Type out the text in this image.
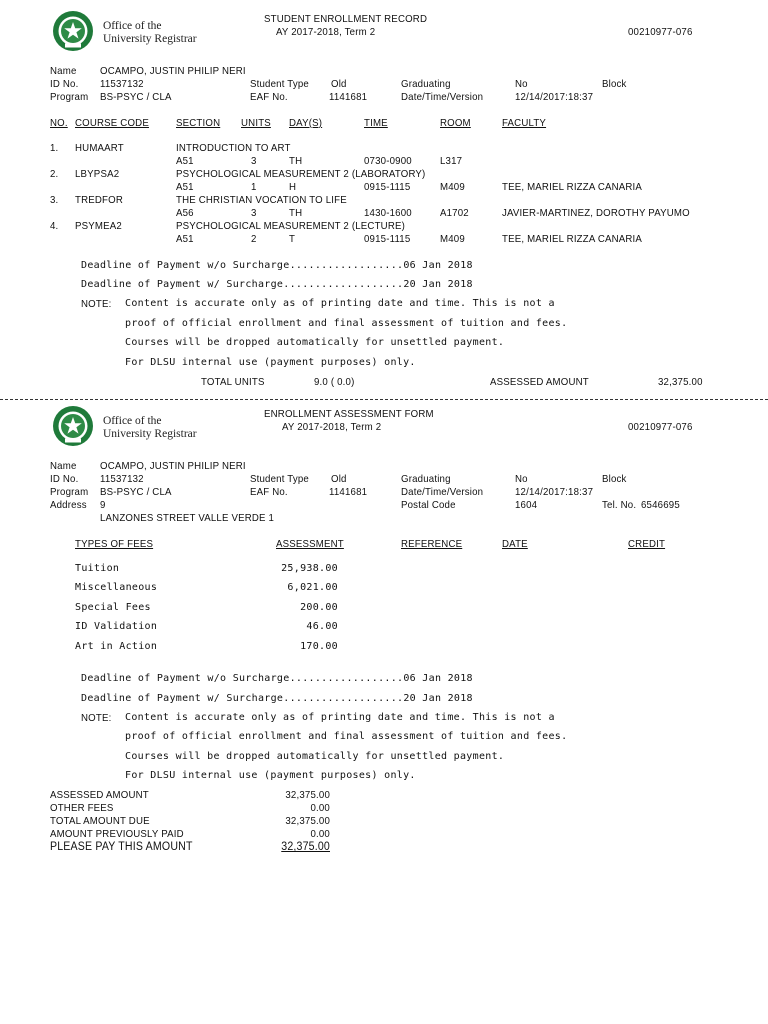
Office of the
University Registrar
STUDENT ENROLLMENT RECORD
AY 2017-2018, Term 2	00210977-076
Name OCAMPO, JUSTIN PHILIP NERI
ID No. 11537132	Student Type Old	Graduating	No	Block
Program BS-PSYC / CLA	EAF No.	1141681	Date/Time/Version	12/14/2017:18:37
NO. COURSE CODE	SECTION UNITS DAY(S)	TIME	ROOM	FACULTY
1. HUMAART	INTRODUCTION TO ART
A51	3	TH	0730-0900	L317
2. LBYPSA2	PSYCHOLOGICAL MEASUREMENT 2 (LABORATORY)
A51	1	H	0915-1115	M409	TEE, MARIEL RIZZA CANARIA
3. TREDFOR	THE CHRISTIAN VOCATION TO LIFE
A56	3	TH	1430-1600	A1702	JAVIER-MARTINEZ, DOROTHY PAYUMO
4. PSYMEA2	PSYCHOLOGICAL MEASUREMENT 2 (LECTURE)
A51	2	T	0915-1115	M409	TEE, MARIEL RIZZA CANARIA
Deadline of Payment w/o Surcharge..................06 Jan 2018
Deadline of Payment w/ Surcharge...................20 Jan 2018
NOTE: Content is accurate only as of printing date and time. This is not a
proof of official enrollment and final assessment of tuition and fees.
Courses will be dropped automatically for unsettled payment.
For DLSU internal use (payment purposes) only.
TOTAL UNITS	9.0 ( 0.0)	ASSESSED AMOUNT	32,375.00
Office of the
University Registrar
ENROLLMENT ASSESSMENT FORM
AY 2017-2018, Term 2	00210977-076
Name OCAMPO, JUSTIN PHILIP NERI
ID No. 11537132	Student Type Old	Graduating	No	Block
Program BS-PSYC / CLA	EAF No.	1141681	Date/Time/Version	12/14/2017:18:37
Address 9	Postal Code	1604	Tel. No. 6546695
LANZONES STREET VALLE VERDE 1
TYPES OF FEES	ASSESSMENT	REFERENCE	DATE	CREDIT
Tuition	25,938.00
Miscellaneous	6,021.00
Special Fees	200.00
ID Validation	46.00
Art in Action	170.00
Deadline of Payment w/o Surcharge..................06 Jan 2018
Deadline of Payment w/ Surcharge...................20 Jan 2018
NOTE: Content is accurate only as of printing date and time. This is not a
proof of official enrollment and final assessment of tuition and fees.
Courses will be dropped automatically for unsettled payment.
For DLSU internal use (payment purposes) only.
ASSESSED AMOUNT	32,375.00
OTHER FEES	0.00
TOTAL AMOUNT DUE	32,375.00
AMOUNT PREVIOUSLY PAID	0.00
PLEASE PAY THIS AMOUNT	32,375.00
